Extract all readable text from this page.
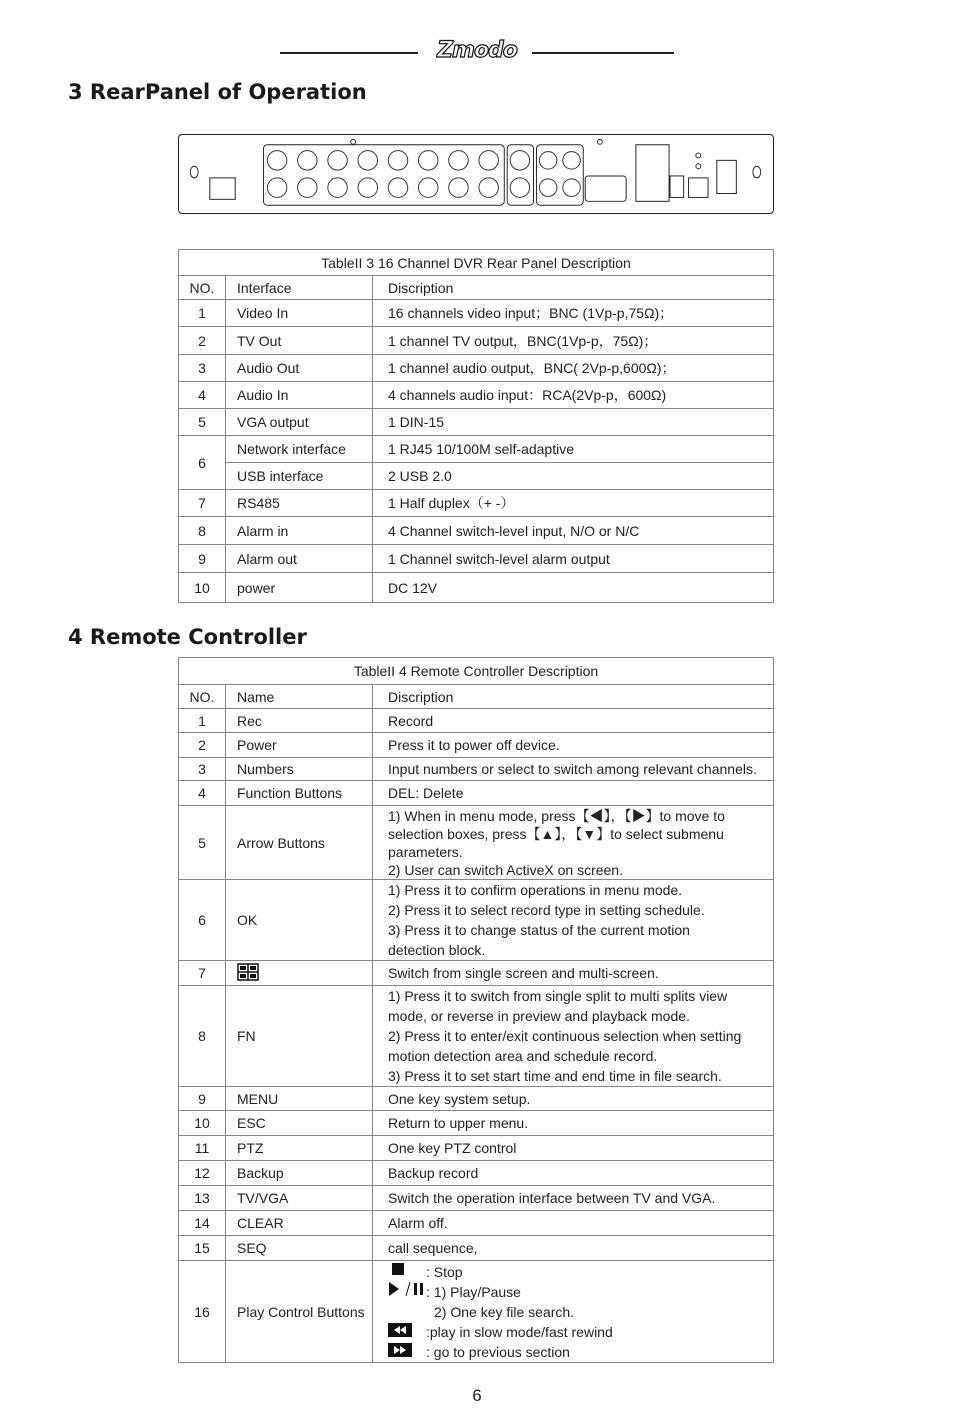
Zmodo
3 RearPanel of Operation
TableII 3 16 Channel DVR Rear Panel Description		
NO.	Interface	Discription
1	Video In	16 channels video input；BNC (1Vp-p,75Ω)；
2	TV Out	1 channel TV output，BNC(1Vp-p，75Ω)；
3	Audio Out	1 channel audio output，BNC( 2Vp-p,600Ω)；
4	Audio In	4 channels audio input：RCA(2Vp-p，600Ω)
5	VGA output	1 DIN-15
6	Network interface	1 RJ45 10/100M self-adaptive
	USB interface	2 USB 2.0
7	RS485	1 Half duplex（+ -）
8	Alarm in	4 Channel switch-level input, N/O or N/C
9	Alarm out	1 Channel switch-level alarm output
10	power	DC 12V
4 Remote Controller
TableII 4 Remote Controller Description		
NO.	Name	Discription
1	Rec	Record

2	Power	Press it to power off device.

3	Numbers	Input numbers or select to switch among relevant channels.

4	Function Buttons	DEL: Delete

5	Arrow Buttons	1) When in menu mode, press【◀】，【▶】to move to
selection boxes, press【▲】，【▼】to select submenu
parameters.
2) User can switch ActiveX on screen.

6	OK	1) Press it to confirm operations in menu mode.
2) Press it to select record type in setting schedule.
3) Press it to change status of the current motion
detection block.

7		Switch from single screen and multi-screen.

8	FN	1) Press it to switch from single split to multi splits view
mode, or reverse in preview and playback mode.
2) Press it to enter/exit continuous selection when setting
motion detection area and schedule record.
3) Press it to set start time and end time in file search.

9	MENU	One key system setup.

10	ESC	Return to upper menu.

11	PTZ	One key PTZ control

12	Backup	Backup record

13	TV/VGA	Switch the operation interface between TV and VGA.

14	CLEAR	Alarm off.

15	SEQ	call sequence,

16	Play Control Buttons	: Stop
: 1) Play/Pause
2) One key file search.
:play in slow mode/fast rewind
: go to previous section
6
